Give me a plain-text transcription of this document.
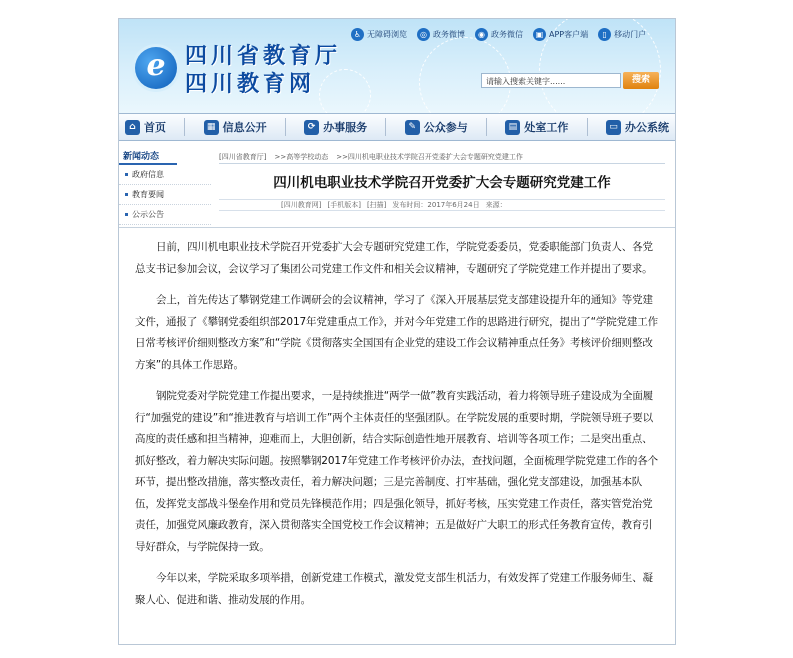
e 四川省教育厅
四川教育网
♿ 无障碍浏览	◎ 政务微博	◉ 政务微信	▣ APP客户端	▯ 移动门户
请输入搜索关键字......	搜索
⌂ 首页	▦ 信息公开	⟳ 办事服务	✎ 公众参与	▤ 处室工作	▭ 办公系统
新闻动态
政府信息
教育要闻
公示公告
[四川省教育厅] >>高等学校动态 >>四川机电职业技术学院召开党委扩大会专题研究党建工作
四川机电职业技术学院召开党委扩大会专题研究党建工作
[四川教育网] [手机版本] [扫描] 发布时间：2017年6月24日 来源：

日前，四川机电职业技术学院召开党委扩大会专题研究党建工作，学院党委委员，党委职能部门负责人、各党总支书记参加会议，会议学习了集团公司党建工作文件和相关会议精神，专题研究了学院党建工作并提出了要求。

会上，首先传达了攀钢党建工作调研会的会议精神，学习了《深入开展基层党支部建设提升年的通知》等党建文件，通报了《攀钢党委组织部2017年党建重点工作》，并对今年党建工作的思路进行研究，提出了“学院党建工作日常考核评价细则整改方案”和“学院《贯彻落实全国国有企业党的建设工作会议精神重点任务》考核评价细则整改方案”的具体工作思路。

钢院党委对学院党建工作提出要求，一是持续推进“两学一做”教育实践活动，着力将领导班子建设成为全面履行“加强党的建设”和“推进教育与培训工作”两个主体责任的坚强团队。在学院发展的重要时期，学院领导班子要以高度的责任感和担当精神，迎难而上，大胆创新，结合实际创造性地开展教育、培训等各项工作；二是突出重点、抓好整改，着力解决实际问题。按照攀钢2017年党建工作考核评价办法，查找问题，全面梳理学院党建工作的各个环节，提出整改措施，落实整改责任，着力解决问题；三是完善制度、打牢基础，强化党支部建设，加强基本队伍，发挥党支部战斗堡垒作用和党员先锋模范作用；四是强化领导，抓好考核，压实党建工作责任，落实管党治党责任，加强党风廉政教育，深入贯彻落实全国党校工作会议精神；五是做好广大职工的形式任务教育宣传，教育引导好群众，与学院保持一致。

今年以来，学院采取多项举措，创新党建工作模式，激发党支部生机活力，有效发挥了党建工作服务师生、凝聚人心、促进和谐、推动发展的作用。
